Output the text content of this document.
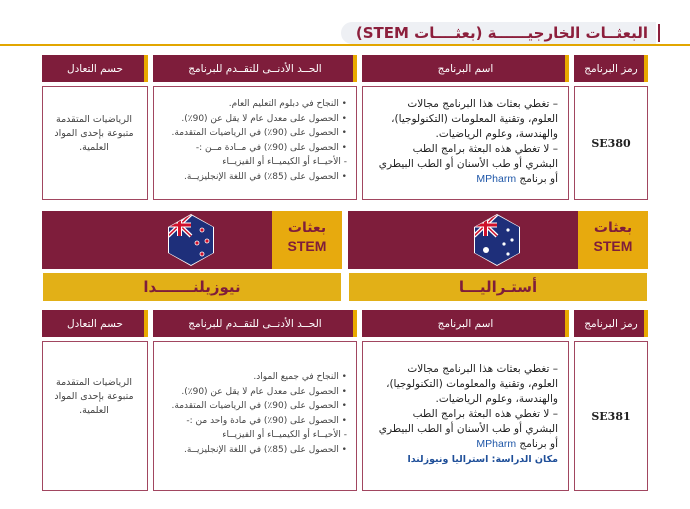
البعثــات الخارجيــــــة (بعثــــات STEM)
رمز البرنامج
اسم البرنامج
الحــد الأدنــى للتقــدم للبرنامج
حسم التعادل
SE380
– تغطي بعثات هذا البرنامج مجالات
العلوم، وتقنية المعلومات (التكنولوجيا)،
والهندسة، وعلوم الرياضيات.
– لا تغطي هذه البعثة برامج الطب
البشري أو طب الأسنان أو الطب البيطري
أو برنامج MPharm
• النجاح في دبلوم التعليم العام.
• الحصول على معدل عام لا يقل عن (90٪).
• الحصول على (90٪) في الرياضيات المتقدمة.
• الحصول على (90٪) في مــادة مــن :-
- الأحيــاء أو الكيميــاء أو الفيزيــاء
• الحصول على (85٪) في اللغة الإنجليزيــة.
الرياضيات المتقدمة
متبوعة بإحدى المواد
العلمية.
بعثات
STEM
أستـراليـــا
بعثات
STEM
نيوزيلنـــــــدا
رمز البرنامج
اسم البرنامج
الحــد الأدنــى للتقــدم للبرنامج
حسم التعادل
SE381
– تغطي بعثات هذا البرنامج مجالات
العلوم، وتقنية والمعلومات (التكنولوجيا)،
والهندسة، وعلوم الرياضيات.
– لا تغطي هذه البعثة برامج الطب
البشري أو طب الأسنان أو الطب البيطري
أو برنامج MPharm
مكان الدراسة: استراليا ونيوزلندا
• النجاح في جميع المواد.
• الحصول على معدل عام لا يقل عن (90٪).
• الحصول على (90٪) في الرياضيات المتقدمة.
• الحصول على (90٪) في مادة واحد من :-
- الأحيــاء أو الكيميــاء أو الفيزيــاء
• الحصول على (85٪) في اللغة الإنجليزيــة.
الرياضيات المتقدمة
متبوعة بإحدى المواد
العلمية.
